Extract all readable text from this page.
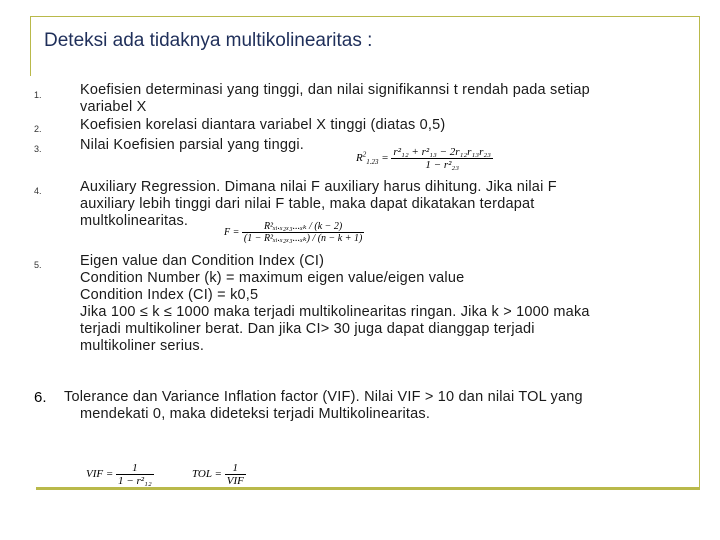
Deteksi ada tidaknya multikolinearitas :
1.	Koefisien determinasi yang tinggi, dan nilai signifikannsi t rendah pada setiap
variabel X
2.	Koefisien korelasi diantara variabel X tinggi (diatas 0,5)
3.	Nilai Koefisien parsial yang tinggi.
$R^2_{1.23} = \frac{\text{r²₁₂ + r²₁₃ − 2r₁₂r₁₃r₂₃}}{\text{1 − r²₂₃}}$
4.	Auxiliary Regression. Dimana nilai F auxiliary harus dihitung. Jika nilai F
auxiliary lebih tinggi dari nilai F table, maka dapat dikatakan terdapat
multkolinearitas.
$F = \frac{\text{R²ₓᵢ.ₓ₂ₓ₃...ₓₖ / (k − 2)}}{\text{(1 − R²ₓᵢ.ₓ₂ₓ₃...ₓₖ) / (n − k + 1)}}$
5.	Eigen value dan Condition Index (CI)
Condition Number (k) = maximum eigen value/eigen value
Condition Index (CI) = k0,5
Jika 100 ≤ k ≤ 1000 maka terjadi multikolinearitas ringan. Jika k > 1000 maka
terjadi multikoliner berat. Dan jika CI> 30 juga dapat dianggap terjadi
multikoliner serius.
6. Tolerance dan Variance Inflation factor (VIF). Nilai VIF > 10 dan nilai TOL yang
mendekati 0, maka dideteksi terjadi Multikolinearitas.
VIF = $\frac{1}{\text{1 − r²₁₂}}$	TOL = $\frac{1}{\text{VIF}}$
